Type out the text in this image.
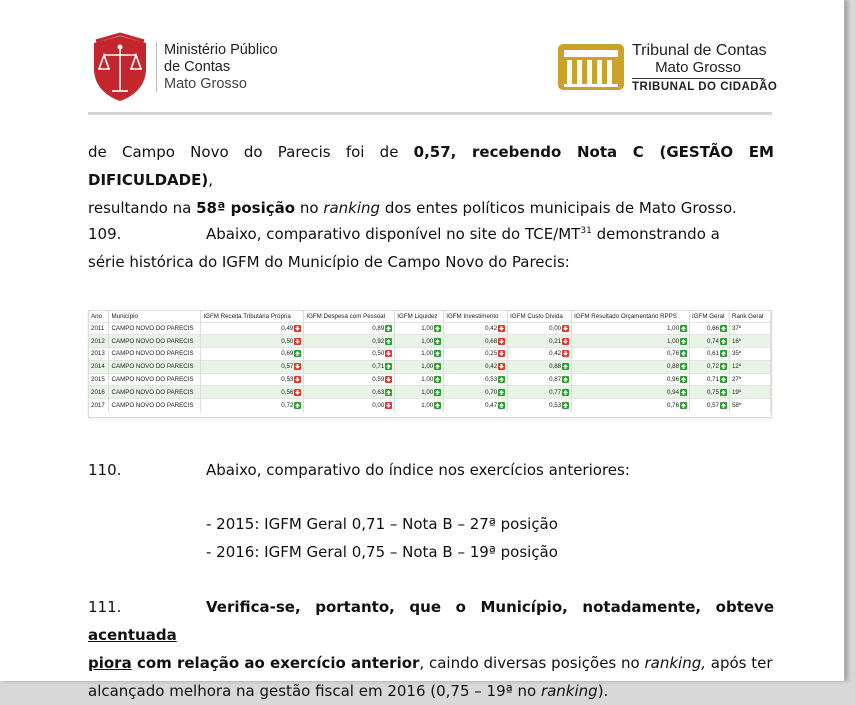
Ministério Público
de Contas
Mato Grosso
Tribunal de Contas
Mato Grosso
TRIBUNAL DO CIDADÃO
de Campo Novo do Parecis foi de 0,57, recebendo Nota C (GESTÃO EM DIFICULDADE),
resultando na 58ª posição no ranking dos entes políticos municipais de Mato Grosso.
109.	Abaixo, comparativo disponível no site do TCE/MT$^{31}$ demonstrando a
série histórica do IGFM do Município de Campo Novo do Parecis:
Ano	Município	IGFM Receita Tributária Própria	IGFM Despesa com Pessoal	IGFM Liquidez	IGFM Investimento	IGFM Custo Dívida	IGFM Resultado Orçamentário RPPS	IGFM Geral	Rank Geral
2011	CAMPO NOVO DO PARECIS	0,49	0,89	1,00	0,42	0,00	1,00	0,66	37º
2012	CAMPO NOVO DO PARECIS	0,50	0,92	1,00	0,68	0,21	1,00	0,74	16º
2013	CAMPO NOVO DO PARECIS	0,69	0,50	1,00	0,25	0,42	0,76	0,61	35º
2014	CAMPO NOVO DO PARECIS	0,57	0,71	1,00	0,42	0,88	0,88	0,72	12º
2015	CAMPO NOVO DO PARECIS	0,53	0,59	1,00	0,53	0,87	0,96	0,71	27º
2016	CAMPO NOVO DO PARECIS	0,56	0,63	1,00	0,70	0,77	0,94	0,75	19º
2017	CAMPO NOVO DO PARECIS	0,72	0,00	1,00	0,47	0,53	0,76	0,57	58º
110.	Abaixo, comparativo do índice nos exercícios anteriores:
- 2015: IGFM Geral 0,71 – Nota B – 27ª posição
- 2016: IGFM Geral 0,75 – Nota B – 19ª posição
111.	Verifica-se, portanto, que o Município, notadamente, obteve acentuada
piora com relação ao exercício anterior, caindo diversas posições no ranking, após ter
alcançado melhora na gestão fiscal em 2016 (0,75 – 19ª no ranking).
